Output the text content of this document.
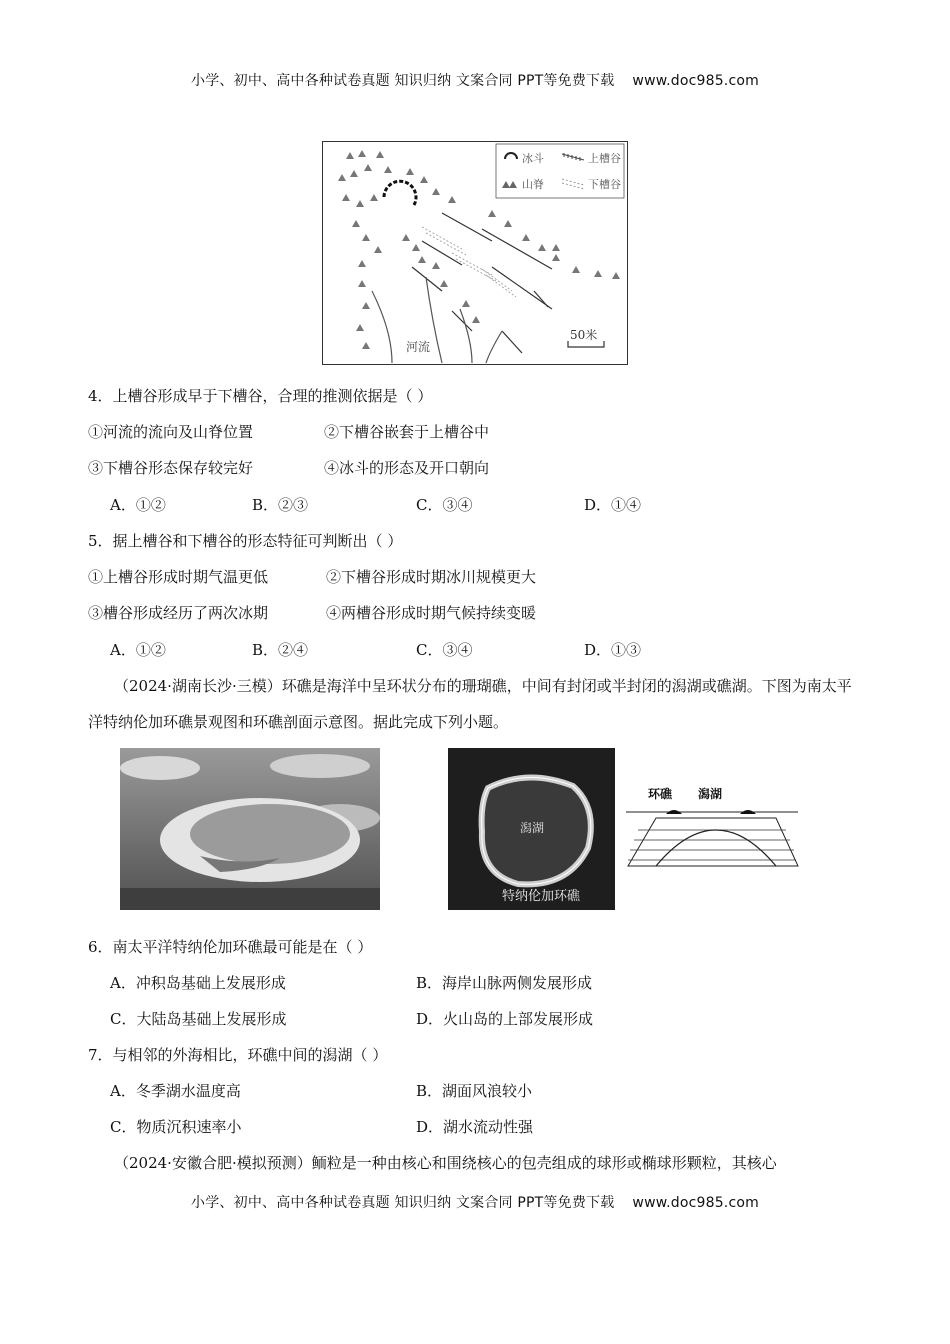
小学、初中、高中各种试卷真题 知识归纳 文案合同 PPT等免费下载 www.doc985.com
冰斗	上槽谷
山脊	下槽谷
河流
50米
4．上槽谷形成早于下槽谷，合理的推测依据是（ ）
①河流的流向及山脊位置	②下槽谷嵌套于上槽谷中
③下槽谷形态保存较完好	④冰斗的形态及开口朝向
A．①②	B．②③	C．③④	D．①④
5．据上槽谷和下槽谷的形态特征可判断出（ ）
①上槽谷形成时期气温更低	②下槽谷形成时期冰川规模更大
③槽谷形成经历了两次冰期	④两槽谷形成时期气候持续变暖
A．①②	B．②④	C．③④	D．①③
（2024·湖南长沙·三模）环礁是海洋中呈环状分布的珊瑚礁，中间有封闭或半封闭的潟湖或礁湖。下图为南太平洋特纳伦加环礁景观图和环礁剖面示意图。据此完成下列小题。
潟湖
特纳伦加环礁
环礁 潟湖
6．南太平洋特纳伦加环礁最可能是在（ ）
A．冲积岛基础上发展形成	B．海岸山脉两侧发展形成
C．大陆岛基础上发展形成	D．火山岛的上部发展形成
7．与相邻的外海相比，环礁中间的潟湖（ ）
A．冬季湖水温度高	B．湖面风浪较小
C．物质沉积速率小	D．湖水流动性强
（2024·安徽合肥·模拟预测）鲕粒是一种由核心和围绕核心的包壳组成的球形或椭球形颗粒，其核心
小学、初中、高中各种试卷真题 知识归纳 文案合同 PPT等免费下载 www.doc985.com
